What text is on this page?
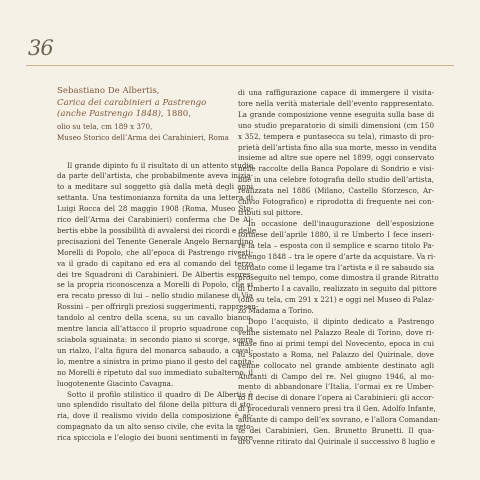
36
Sebastiano De Albertis,
Carica dei carabinieri a Pastrengo
(anche Pastrengo 1848), 1880,
olio su tela, cm 189 x 370,
Museo Storico dell’Arma dei Carabinieri, Roma
Il grande dipinto fu il risultato di un attento studio
da parte dell’artista, che probabilmente aveva inizia-
to a meditare sul soggetto già dalla metà degli anni
settanta. Una testimonianza fornita da una lettera di
Luigi Rocca del 28 maggio 1908 (Roma, Museo Sto-
rico dell’Arma dei Carabinieri) conferma che De Al-
bertis ebbe la possibilità di avvalersi dei ricordi e delle
precisazioni del Tenente Generale Angelo Bernardino
Morelli di Popolo, che all’epoca di Pastrengo rivesti-
va il grado di capitano ed era al comando del terzo
dei tre Squadroni di Carabinieri. De Albertis espres-
se la propria riconoscenza a Morelli di Popolo, che si
era recato presso di lui – nello studio milanese di Via
Rossini – per offrirgli preziosi suggerimenti, rappresen-
tandolo al centro della scena, su un cavallo bianco,
mentre lancia all’attacco il proprio squadrone con la
sciabola sguainata: in secondo piano si scorge, sopra
un rialzo, l’alta figura del monarca sabaudo, a caval-
lo, mentre a sinistra in primo piano il gesto del capita-
no Morelli è ripetuto dal suo immediato subalterno, il
luogotenente Giacinto Cavagna.
Sotto il profilo stilistico il quadro di De Albertis è
uno splendido risultato del filone della pittura di sto-
ria, dove il realismo vivido della composizione è ac-
compagnato da un alto senso civile, che evita la reto-
rica spicciola e l’elogio dei buoni sentimenti in favore
di una raffigurazione capace di immergere il visita-
tore nella verità materiale dell’evento rappresentato.
La grande composizione venne eseguita sulla base di
uno studio preparatorio di simili dimensioni (cm 150
x 352, tempera e puntasecca su tela), rimasto di pro-
prietà dell’artista fino alla sua morte, messo in vendita
insieme ad altre sue opere nel 1899, oggi conservato
nelle raccolte della Banca Popolare di Sondrio e visi-
bile in una celebre fotografia dello studio dell’artista,
realizzata nel 1886 (Milano, Castello Sforzesco, Ar-
chivio Fotografico) e riprodotta di frequente nei con-
tributi sul pittore.
In occasione dell’inaugurazione dell’esposizione
torinese dell’aprile 1880, il re Umberto I fece inseri-
re la tela – esposta con il semplice e scarno titolo Pa-
strengo 1848 – tra le opere d’arte da acquistare. Va ri-
cordato come il legame tra l’artista e il re sabaudo sia
proseguito nel tempo, come dimostra il grande Ritratto
di Umberto I a cavallo, realizzato in seguito dal pittore
(olio su tela, cm 291 x 221) e oggi nel Museo di Palaz-
zo Madama a Torino.
Dopo l’acquisto, il dipinto dedicato a Pastrengo
venne sistemato nel Palazzo Reale di Torino, dove ri-
mase fino ai primi tempi del Novecento, epoca in cui
fu spostato a Roma, nel Palazzo del Quirinale, dove
venne collocato nel grande ambiente destinato agli
Aiutanti di Campo del re. Nel giugno 1946, al mo-
mento di abbandonare l’Italia, l’ormai ex re Umber-
to II decise di donare l’opera ai Carabinieri: gli accor-
di procedurali vennero presi tra il Gen. Adolfo Infante,
aiutante di campo dell’ex sovrano, e l’allora Comandan-
te dei Carabinieri, Gen. Brunetto Brunetti. Il qua-
dro venne ritirato dal Quirinale il successivo 8 luglio e
